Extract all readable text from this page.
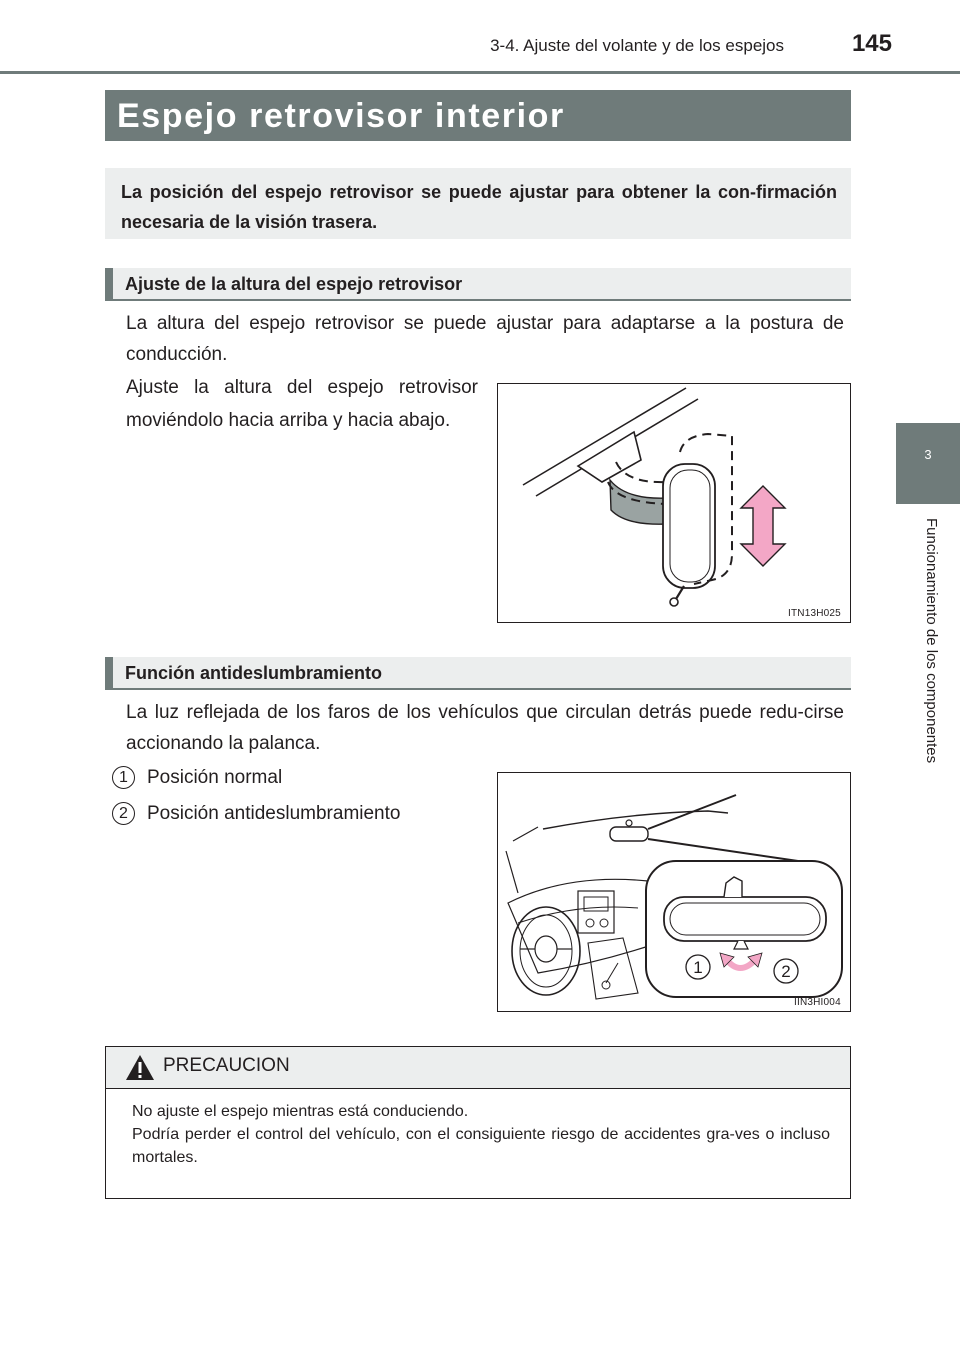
3-4. Ajuste del volante y de los espejos	145
3
Funcionamiento de los componentes
Espejo retrovisor interior
La posición del espejo retrovisor se puede ajustar para obtener la con-firmación necesaria de la visión trasera.
Ajuste de la altura del espejo retrovisor
La altura del espejo retrovisor se puede ajustar para adaptarse a la postura de conducción.
Ajuste la altura del espejo retrovisor moviéndolo hacia arriba y hacia abajo.
ITN13H025
Función antideslumbramiento
La luz reflejada de los faros de los vehículos que circulan detrás puede redu-cirse accionando la palanca.
1 Posición normal
2 Posición antideslumbramiento
1	2
IIN3HI004
PRECAUCION

No ajuste el espejo mientras está conduciendo.

Podría perder el control del vehículo, con el consiguiente riesgo de accidentes gra-ves o incluso mortales.
